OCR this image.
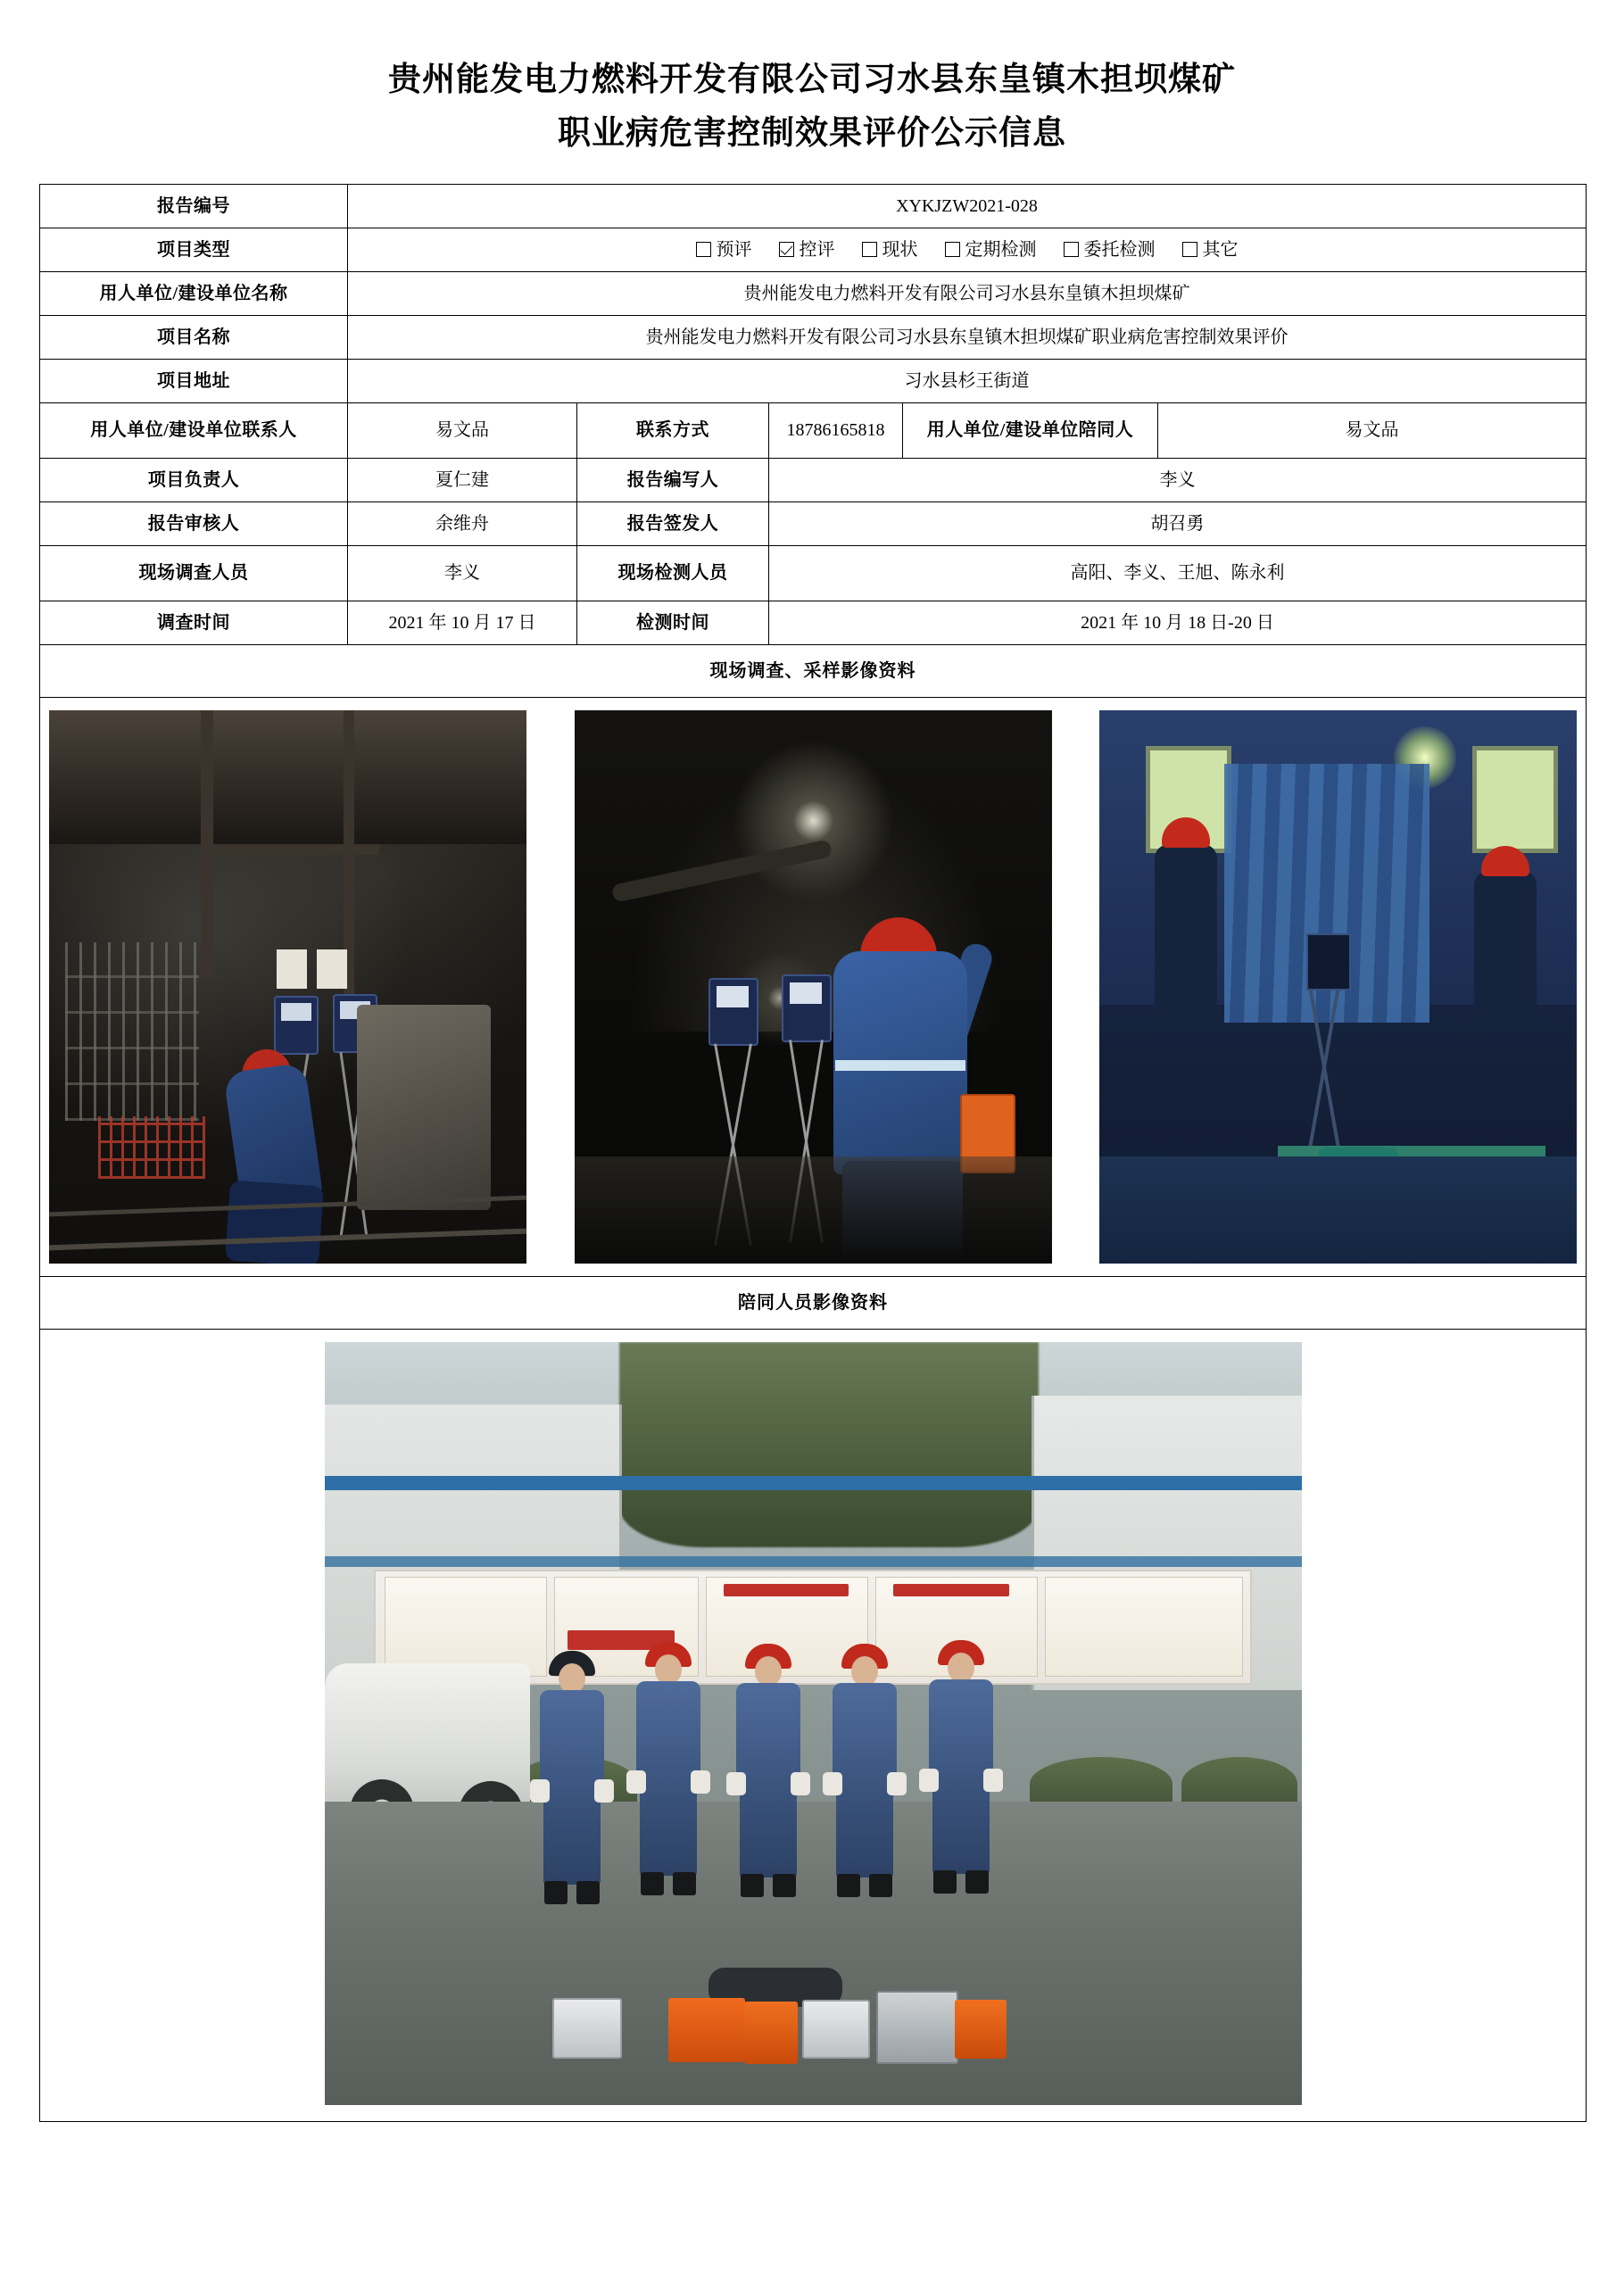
贵州能发电力燃料开发有限公司习水县东皇镇木担坝煤矿
职业病危害控制效果评价公示信息
报告编号	XYKJZW2021-028				
项目类型	预评	控评	现状	定期检测	委托检测	其它

用人单位/建设单位名称	贵州能发电力燃料开发有限公司习水县东皇镇木担坝煤矿				
项目名称	贵州能发电力燃料开发有限公司习水县东皇镇木担坝煤矿职业病危害控制效果评价				
项目地址	习水县杉王街道				
用人单位/建设单位联系人	易文品	联系方式	18786165818	用人单位/建设单位陪同人	易文品
项目负责人	夏仁建	报告编写人	李义		
报告审核人	余维舟	报告签发人	胡召勇		
现场调查人员	李义	现场检测人员	高阳、李义、王旭、陈永利		
调查时间	2021 年 10 月 17 日	检测时间	2021 年 10 月 18 日-20 日		
现场调查、采样影像资料					

陪同人员影像资料					
